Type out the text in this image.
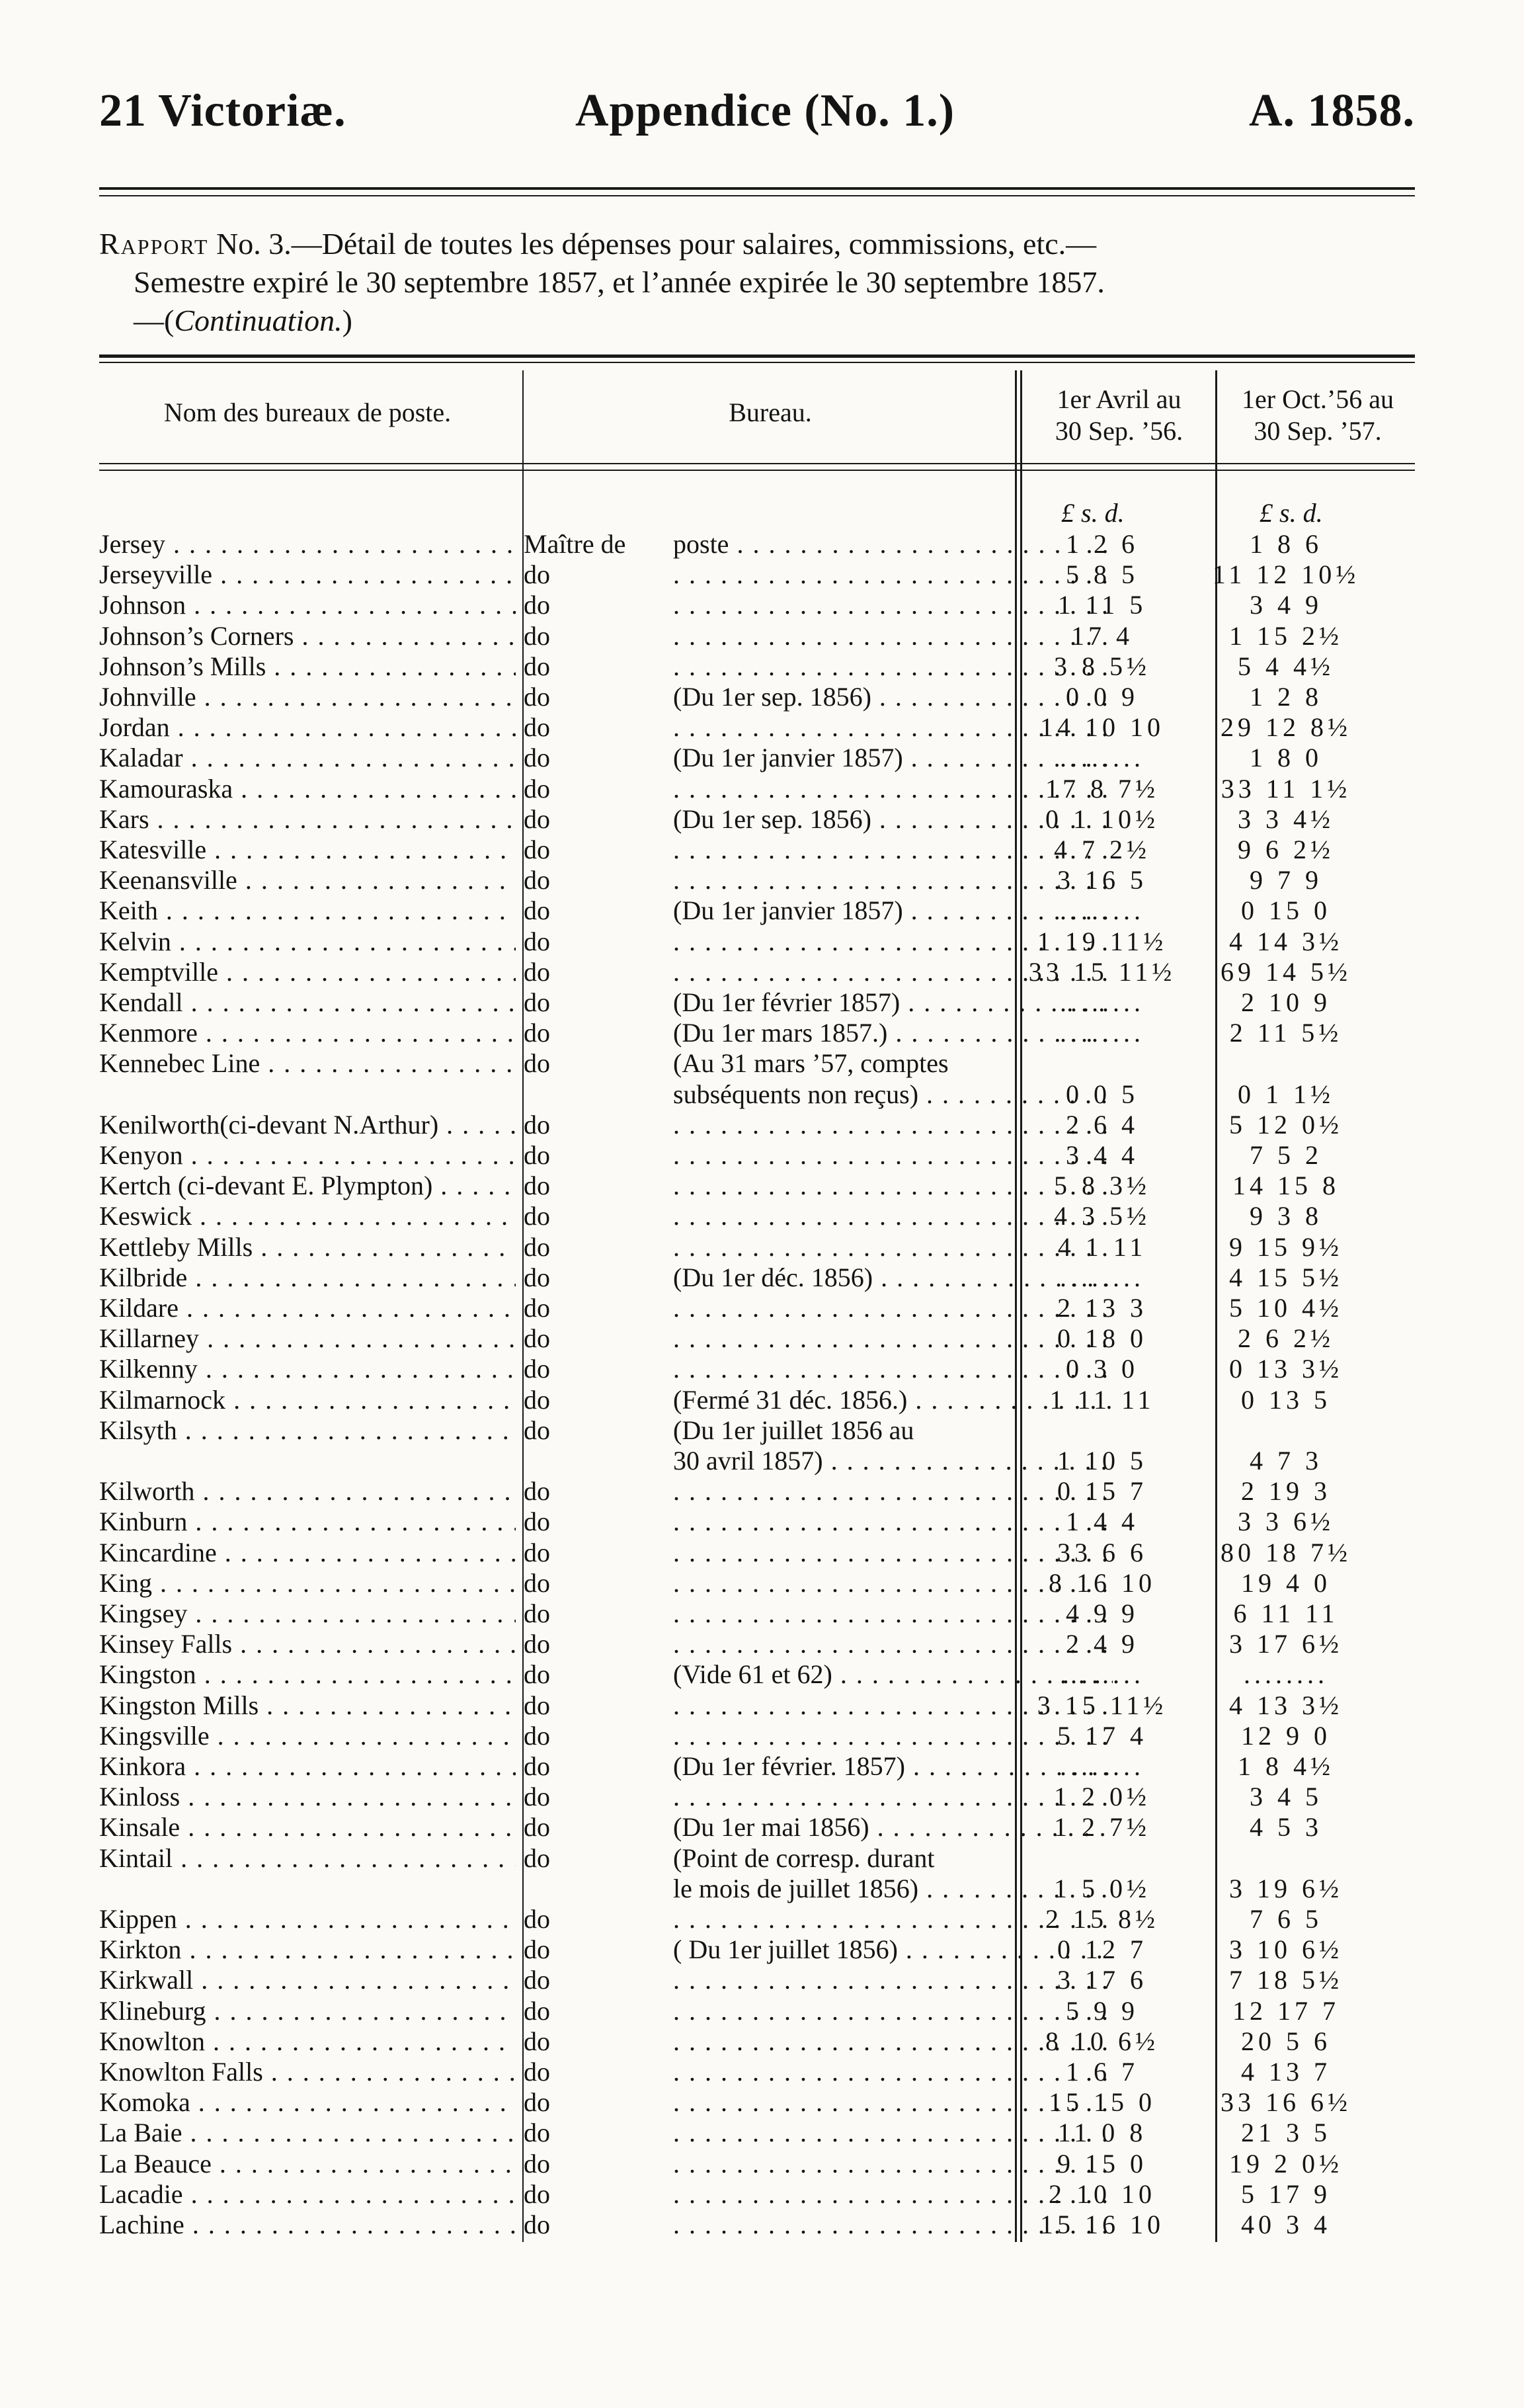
21 Victoriæ.	Appendice (No. 1.)	A. 1858.
Rapport No. 3.—Détail de toutes les dépenses pour salaires, commissions, etc.—
Semestre expiré le 30 septembre 1857, et l’année expirée le 30 septembre 1857.
—(Continuation.)
Nom des bureaux de poste.	Bureau.	1er Avril au
30 Sep. ’56.
1er Oct.’56 au
30 Sep. ’57.
£ s. d.	£ s. d.
Jersey . . .	Maître de poste . . .	1 2 6	1 8 6
Jerseyville . . .	do . . .	5 8 5	11 12 10½
Johnson . . .	do . . .	1 11 5	3 4 9
Johnson’s Corners . . .	do . . .	17 4	1 15 2½
Johnson’s Mills . . .	do . . .	3 8 5½	5 4 4½
Johnville . . .	do	(Du 1er sep. 1856) . . .	0 0 9	1 2 8
Jordan . . .	do . . .	14 10 10	29 12 8½
Kaladar . . .	do	(Du 1er janvier 1857) . . .	........	1 8 0
Kamouraska . . .	do . . .	17 8 7½	33 11 1½
Kars . . .	do	(Du 1er sep. 1856) . . .	0 1 10½	3 3 4½
Katesville . . .	do . . .	4 7 2½	9 6 2½
Keenansville . . .	do . . .	3 16 5	9 7 9
Keith . . .	do	(Du 1er janvier 1857) . . .	........	0 15 0
Kelvin . . .	do . . .	1 19 11½	4 14 3½
Kemptville . . .	do . . .	33 15 11½	69 14 5½
Kendall . . .	do	(Du 1er février 1857) . . .	........	2 10 9
Kenmore . . .	do	(Du 1er mars 1857.) . . .	........	2 11 5½
Kennebec Line . . .	do	(Au 31 mars ’57, comptes
subséquents non reçus) . . .	0 0 5	0 1 1½
Kenilworth(ci-devant N.Arthur) . . .	do . . .	2 6 4	5 12 0½
Kenyon . . .	do . . .	3 4 4	7 5 2
Kertch (ci-devant E. Plympton) . . .	do . . .	5 8 3½	14 15 8
Keswick . . .	do . . .	4 3 5½	9 3 8
Kettleby Mills . . .	do . . .	4 1 11	9 15 9½
Kilbride . . .	do	(Du 1er déc. 1856) . . .	........	4 15 5½
Kildare . . .	do . . .	2 13 3	5 10 4½
Killarney . . .	do . . .	0 18 0	2 6 2½
Kilkenny . . .	do . . .	0 3 0	0 13 3½
Kilmarnock . . .	do	(Fermé 31 déc. 1856.) . . .	1 11 11	0 13 5
Kilsyth . . .	do	(Du 1er juillet 1856 au
30 avril 1857) . . .	1 10 5	4 7 3
Kilworth . . .	do . . .	0 15 7	2 19 3
Kinburn . . .	do . . .	1 4 4	3 3 6½
Kincardine . . .	do . . .	33 6 6	80 18 7½
King . . .	do . . .	8 16 10	19 4 0
Kingsey . . .	do . . .	4 9 9	6 11 11
Kinsey Falls . . .	do . . .	2 4 9	3 17 6½
Kingston . . .	do	(Vide 61 et 62) . . .	........	........
Kingston Mills . . .	do . . .	3 15 11½	4 13 3½
Kingsville . . .	do . . .	5 17 4	12 9 0
Kinkora . . .	do	(Du 1er février. 1857) . . .	........	1 8 4½
Kinloss . . .	do . . .	1 2 0½	3 4 5
Kinsale . . .	do	(Du 1er mai 1856) . . .	1 2 7½	4 5 3
Kintail . . .	do	(Point de corresp. durant
le mois de juillet 1856) . . .	1 5 0½	3 19 6½
Kippen . . .	do . . .	2 15 8½	7 6 5
Kirkton . . .	do	( Du 1er juillet 1856) . . .	0 12 7	3 10 6½
Kirkwall . . .	do . . .	3 17 6	7 18 5½
Klineburg . . .	do . . .	5 9 9	12 17 7
Knowlton . . .	do . . .	8 10 6½	20 5 6
Knowlton Falls . . .	do . . .	1 6 7	4 13 7
Komoka . . .	do . . .	15 15 0	33 16 6½
La Baie . . .	do . . .	11 0 8	21 3 5
La Beauce . . .	do . . .	9 15 0	19 2 0½
Lacadie . . .	do . . .	2 10 10	5 17 9
Lachine . . .	do . . .	15 16 10	40 3 4
